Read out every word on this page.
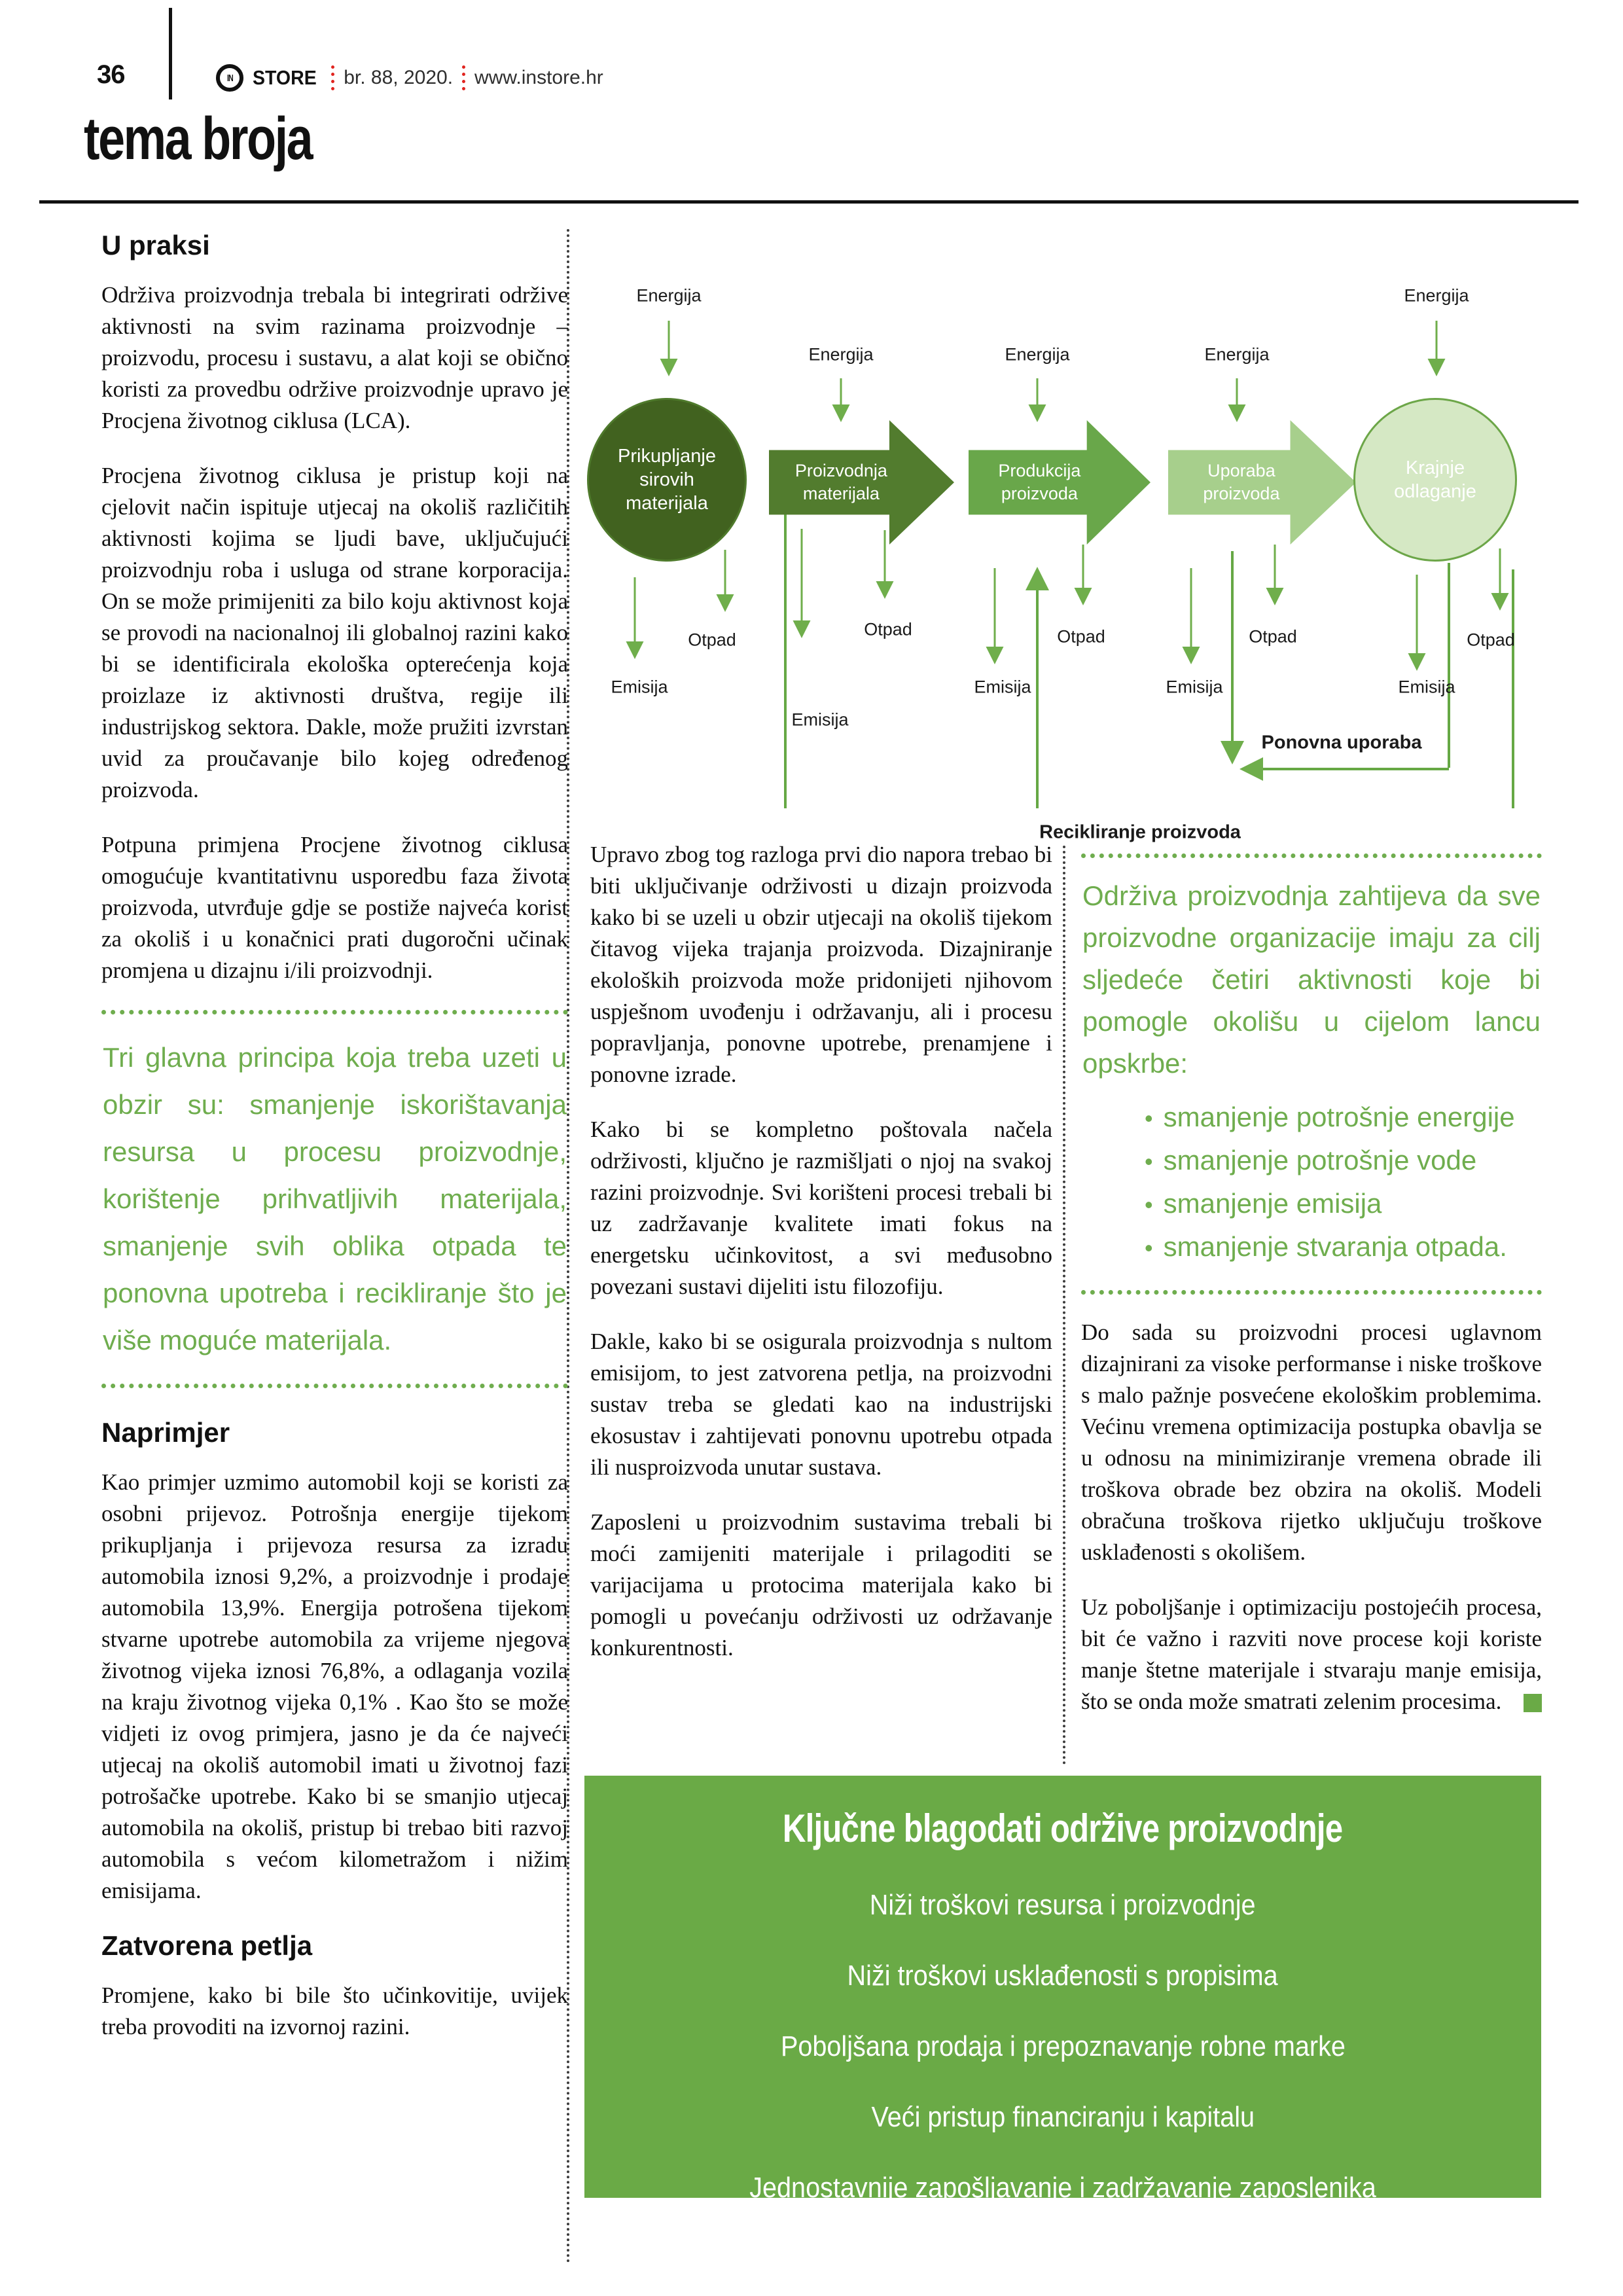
36	IN STORE br. 88, 2020. www.instore.hr
tema broja
U praksi

Održiva proizvodnja trebala bi integrirati održive aktivnosti na svim razinama proizvodnje – proizvodu, procesu i sustavu, a alat koji se obično koristi za provedbu održive proizvodnje upravo je Procjena životnog ciklusa (LCA).

Procjena životnog ciklusa je pristup koji na cjelovit način ispituje utjecaj na okoliš različitih aktivnosti kojima se ljudi bave, uključujući proizvodnju roba i usluga od strane korporacija. On se može primijeniti za bilo koju aktivnost koja se provodi na nacionalnoj ili globalnoj razini kako bi se identificirala ekološka opterećenja koja proizlaze iz aktivnosti društva, regije ili industrijskog sektora. Dakle, može pružiti izvrstan uvid za proučavanje bilo kojeg određenog proizvoda.

Potpuna primjena Procjene životnog ciklusa omogućuje kvantitativnu usporedbu faza života proizvoda, utvrđuje gdje se postiže najveća korist za okoliš i u konačnici prati dugoročni učinak promjena u dizajnu i/ili proizvodnji.

Tri glavna principa koja treba uzeti u obzir su: smanjenje iskorištavanja resursa u procesu proizvodnje, korištenje prihvatljivih materijala, smanjenje svih oblika otpada te ponovna upotreba i recikliranje što je više moguće materijala.
Naprimjer

Kao primjer uzmimo automobil koji se koristi za osobni prijevoz. Potrošnja energije tijekom prikupljanja i prijevoza resursa za izradu automobila iznosi 9,2%, a proizvodnje i prodaje automobila 13,9%. Energija potrošena tijekom stvarne upotrebe automobila za vrijeme njegova životnog vijeka iznosi 76,8%, a odlaganja vozila na kraju životnog vijeka 0,1% . Kao što se može vidjeti iz ovog primjera, jasno je da će najveći utjecaj na okoliš automobil imati u životnoj fazi potrošačke upotrebe. Kako bi se smanjio utjecaj automobila na okoliš, pristup bi trebao biti razvoj automobila s većom kilometražom i nižim emisijama.

Zatvorena petlja

Promjene, kako bi bile što učinkovitije, uvijek treba provoditi na izvornoj razini.

Prikupljanje sirovih materijala
Proizvodnja materijala
Produkcija proizvoda
Uporaba proizvoda
Krajnje odlaganje
Energija
Energija	Energija	Energija
Energija
Otpad
Otpad	Otpad	Otpad	Otpad
Emisija
Emisija
Emisija	Emisija	Emisija
Ponovna uporaba
Recikliranje proizvoda

Upravo zbog tog razloga prvi dio napora trebao bi biti uključivanje održivosti u dizajn proizvoda kako bi se uzeli u obzir utjecaji na okoliš tijekom čitavog vijeka trajanja proizvoda. Dizajniranje ekoloških proizvoda može pridonijeti njihovom uspješnom uvođenju i održavanju, ali i procesu popravljanja, ponovne upotrebe, prenamjene i ponovne izrade.

Kako bi se kompletno poštovala načela održivosti, ključno je razmišljati o njoj na svakoj razini proizvodnje. Svi korišteni procesi trebali bi uz zadržavanje kvalitete imati fokus na energetsku učinkovitost, a svi međusobno povezani sustavi dijeliti istu filozofiju.

Dakle, kako bi se osigurala proizvodnja s nultom emisijom, to jest zatvorena petlja, na proizvodni sustav treba se gledati kao na industrijski ekosustav i zahtijevati ponovnu upotrebu otpada ili nusproizvoda unutar sustava.

Zaposleni u proizvodnim sustavima trebali bi moći zamijeniti materijale i prilagoditi se varijacijama u protocima materijala kako bi pomogli u povećanju održivosti uz održavanje konkurentnosti.

Održiva proizvodnja zahtijeva da sve proizvodne organizacije imaju za cilj sljedeće četiri aktivnosti koje bi pomogle okolišu u cijelom lancu opskrbe:
• smanjenje potrošnje energije
• smanjenje potrošnje vode
• smanjenje emisija
• smanjenje stvaranja otpada.

Do sada su proizvodni procesi uglavnom dizajnirani za visoke performanse i niske troškove s malo pažnje posvećene ekološkim problemima. Većinu vremena optimizacija postupka obavlja se u odnosu na minimiziranje vremena obrade ili troškova obrade bez obzira na okoliš. Modeli obračuna troškova rijetko uključuju troškove usklađenosti s okolišem.

Uz poboljšanje i optimizaciju postojećih procesa, bit će važno i razviti nove procese koji koriste manje štetne materijale i stvaraju manje emisija, što se onda može smatrati zelenim procesima.

Ključne blagodati održive proizvodnje
Niži troškovi resursa i proizvodnje
Niži troškovi usklađenosti s propisima
Poboljšana prodaja i prepoznavanje robne marke
Veći pristup financiranju i kapitalu
Jednostavnije zapošljavanje i zadržavanje zaposlenika
